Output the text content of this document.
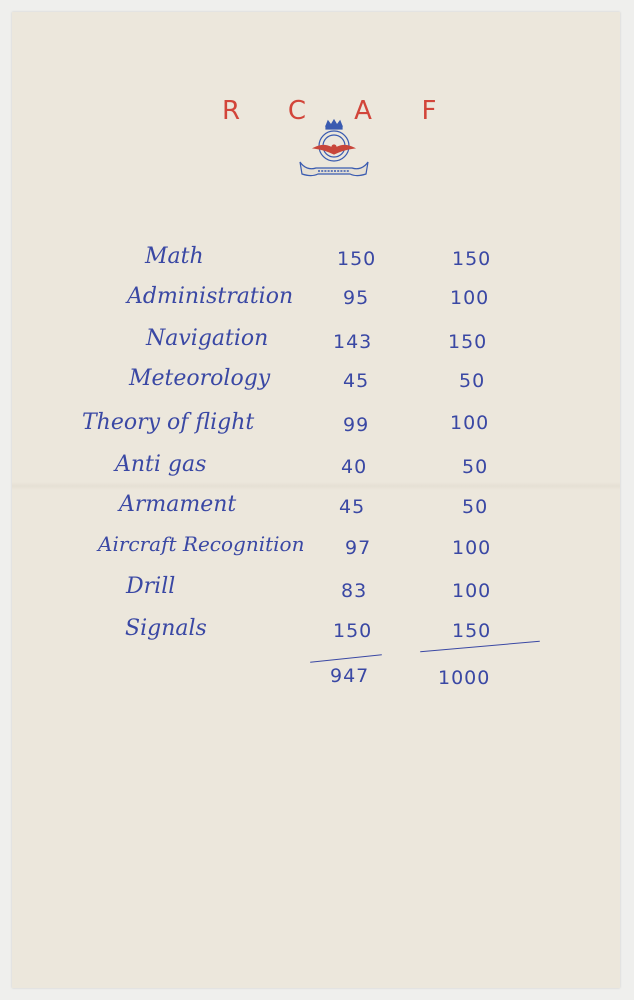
R C A	F
Math
Administration
Navigation
Meteorology
Theory of flight
Anti gas
Armament
Aircraft Recognition
Drill
Signals
150
95
143
45
99
40
45
97
83
150
150
100
150
50
100
50
50
100
100
150
947	1000
